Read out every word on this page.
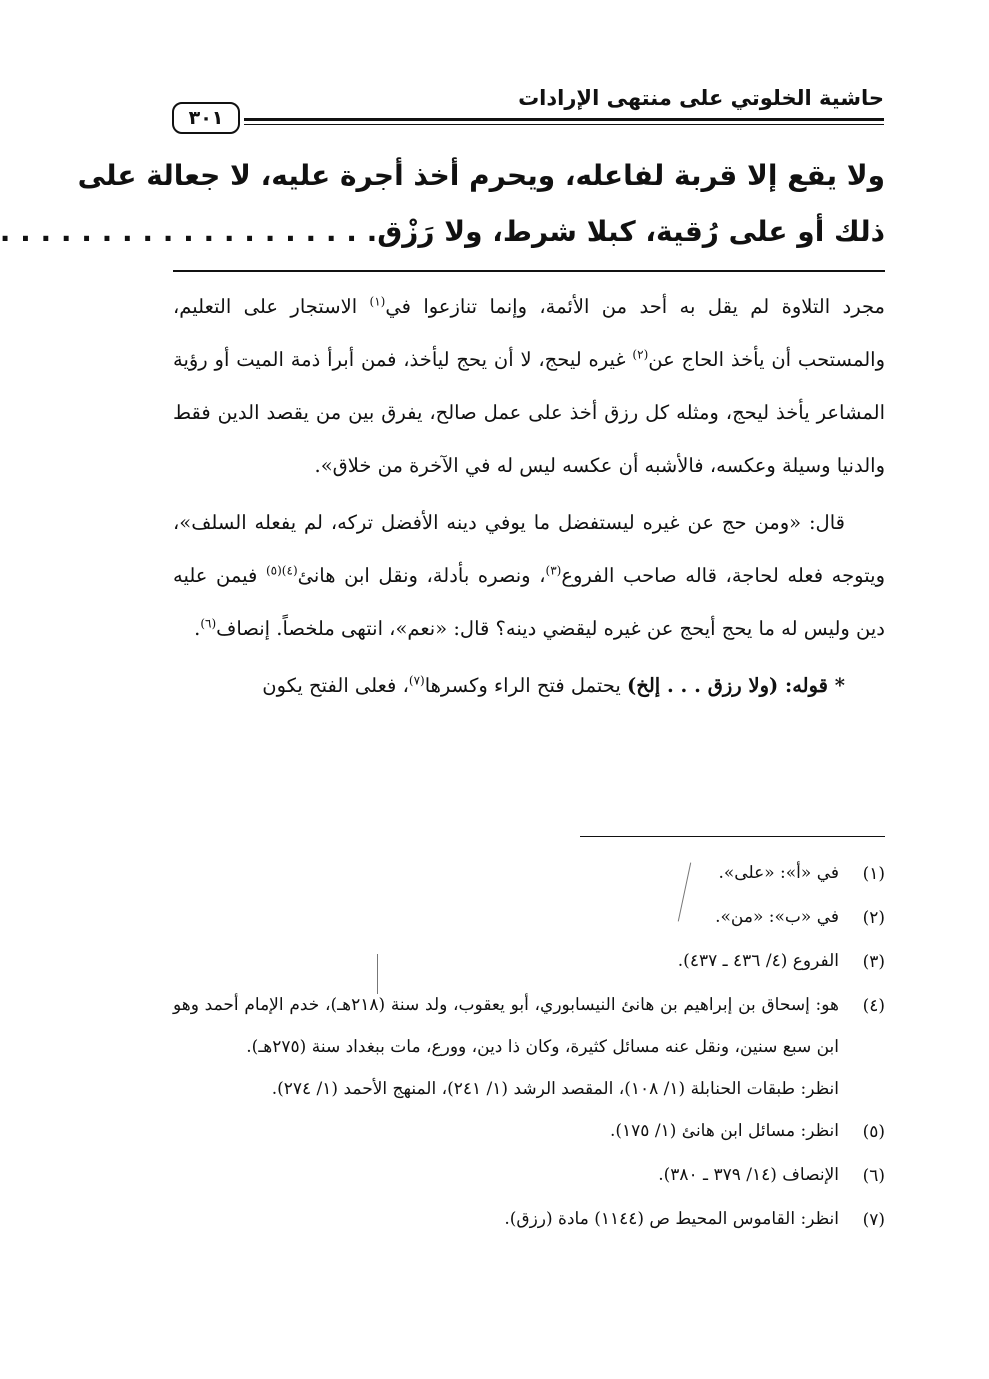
حاشية الخلوتي على منتهى الإرادات
٣٠١
ولا يقع إلا قربة لفاعله، ويحرم أخذ أجرة عليه، لا جعالة على
ذلك أو على رُقية، كبلا شرط، ولا رَزْق. . . . . . . . . . . . . . . . . . .

مجرد التلاوة لم يقل به أحد من الأئمة، وإنما تنازعوا في$^{(١)}$ الاستجار على التعليم، والمستحب أن يأخذ الحاج عن$^{(٢)}$ غيره ليحج، لا أن يحج ليأخذ، فمن أبرأ ذمة الميت أو رؤية المشاعر يأخذ ليحج، ومثله كل رزق أخذ على عمل صالح، يفرق بين من يقصد الدين فقط والدنيا وسيلة وعكسه، فالأشبه أن عكسه ليس له في الآخرة من خلاق».

قال: «ومن حج عن غيره ليستفضل ما يوفي دينه الأفضل تركه، لم يفعله السلف»، ويتوجه فعله لحاجة، قاله صاحب الفروع$^{(٣)}$، ونصره بأدلة، ونقل ابن هانئ$^{(٤)(٥)}$ فيمن عليه دين وليس له ما يحج أيحج عن غيره ليقضي دينه؟ قال: «نعم»، انتهى ملخصاً. إنصاف$^{(٦)}$.

* قوله: (ولا رزق . . . إلخ) يحتمل فتح الراء وكسرها$^{(٧)}$، فعلى الفتح يكون

(١)
في «أ»: «على».
(٢)
في «ب»: «من».
(٣)
الفروع (٤/ ٤٣٦ ـ ٤٣٧).
(٤)
هو: إسحاق بن إبراهيم بن هانئ النيسابوري، أبو يعقوب، ولد سنة (٢١٨هـ)، خدم الإمام أحمد وهو ابن سبع سنين، ونقل عنه مسائل كثيرة، وكان ذا دين، وورع، مات ببغداد سنة (٢٧٥هـ).
انظر: طبقات الحنابلة (١/ ١٠٨)، المقصد الرشد (١/ ٢٤١)، المنهج الأحمد (١/ ٢٧٤).
(٥)
انظر: مسائل ابن هانئ (١/ ١٧٥).
(٦)
الإنصاف (١٤/ ٣٧٩ ـ ٣٨٠).
(٧)
انظر: القاموس المحيط ص (١١٤٤) مادة (رزق).
